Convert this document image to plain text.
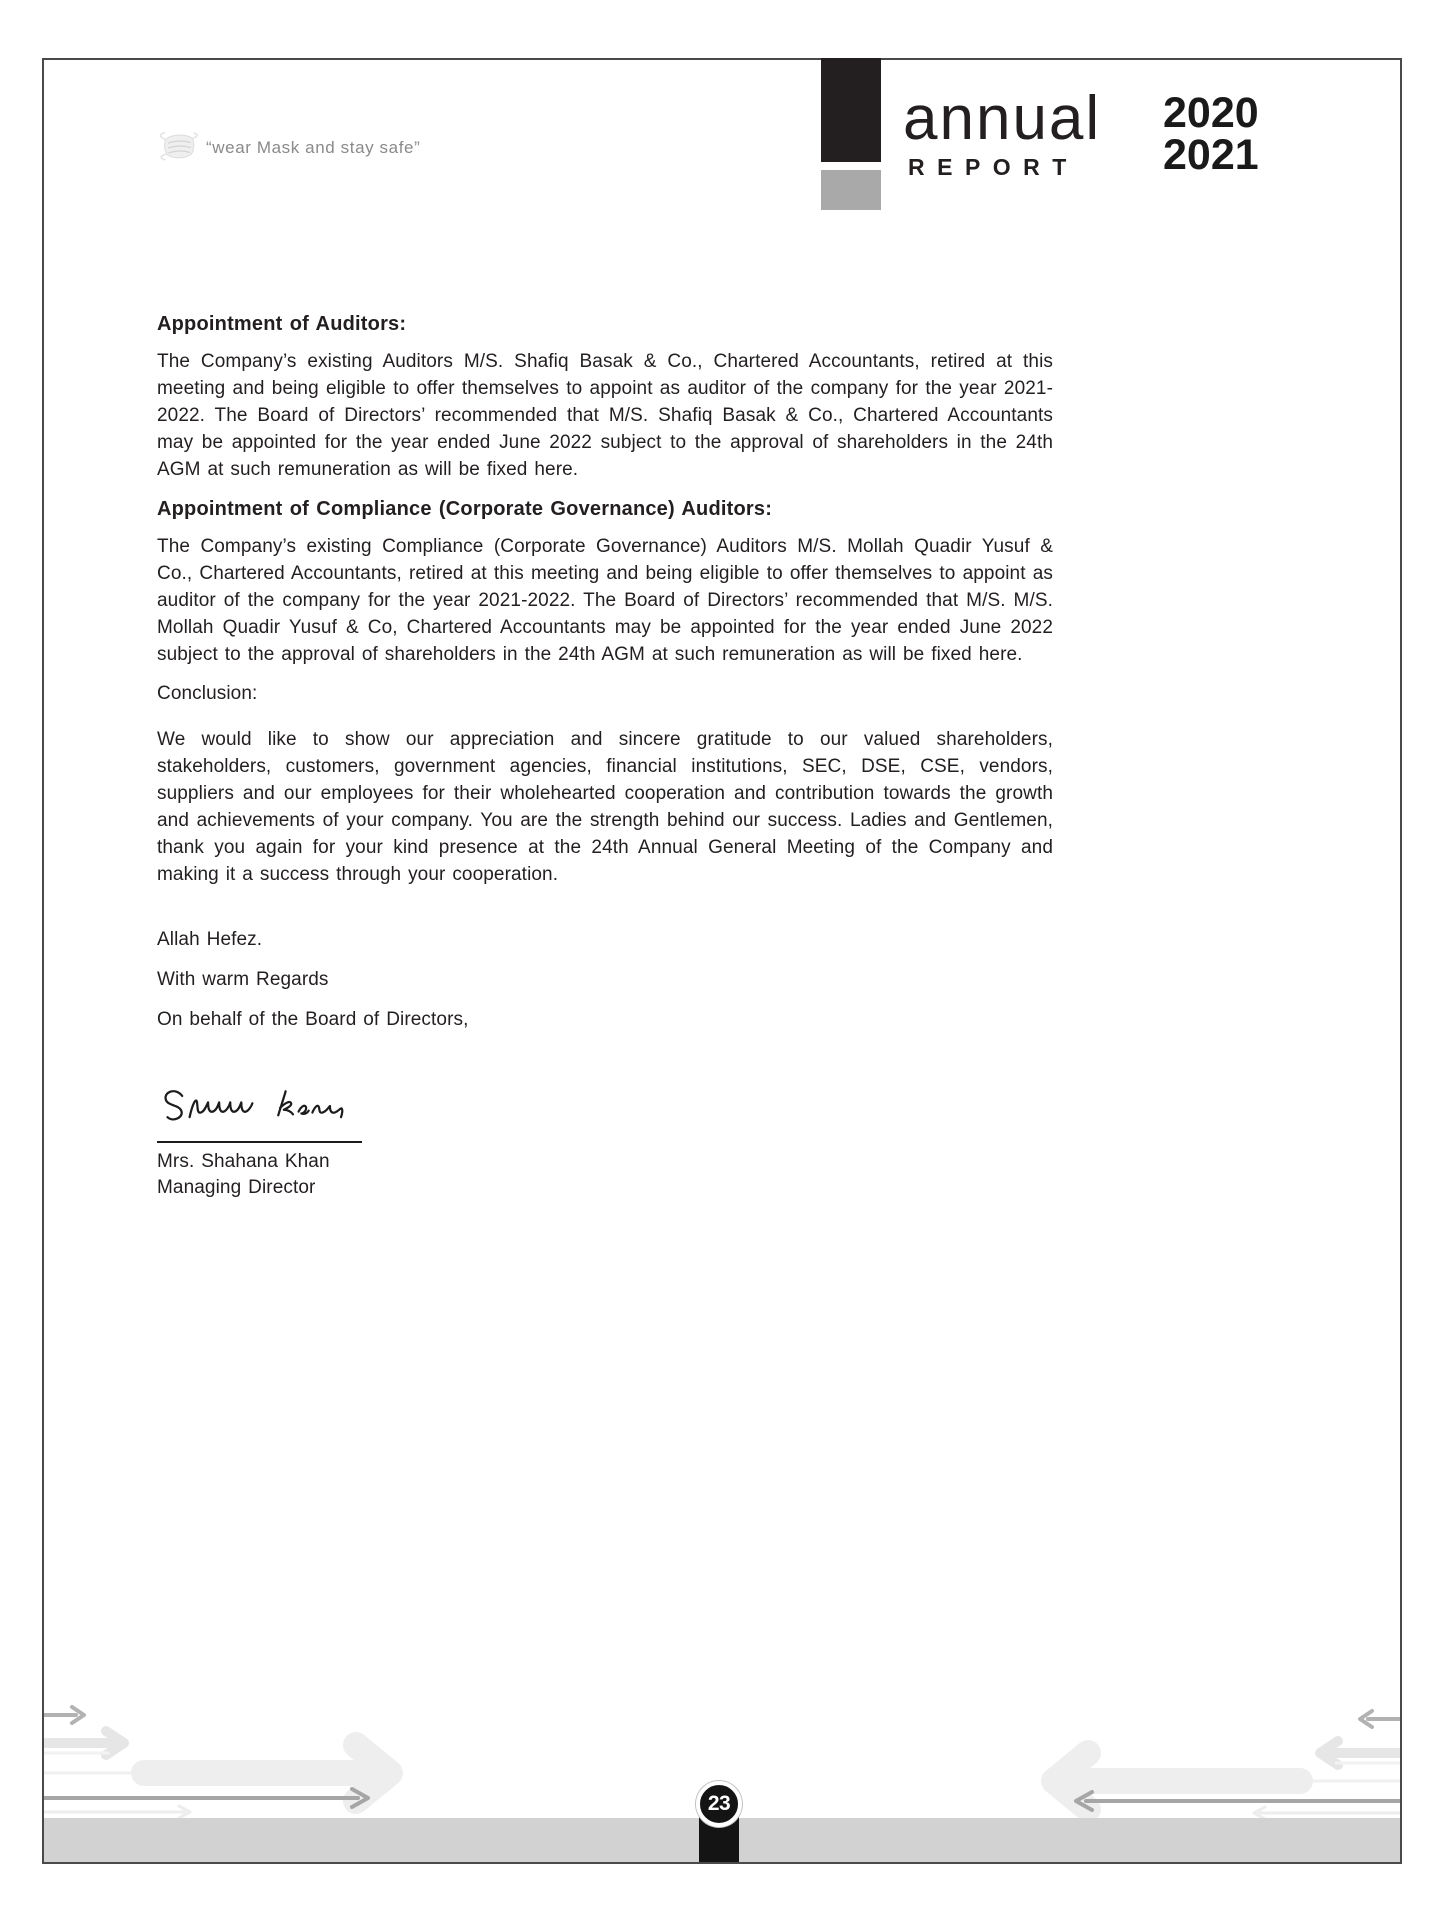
annual
REPORT
2020
2021
“wear Mask and stay safe”
Appointment of Auditors:

The Company’s existing Auditors M/S. Shafiq Basak & Co., Chartered Accountants, retired at this meeting and being eligible to offer themselves to appoint as auditor of the company for the year 2021-2022. The Board of Directors’ recommended that M/S. Shafiq Basak & Co., Chartered Accountants may be appointed for the year ended June 2022 subject to the approval of shareholders in the 24th AGM at such remuneration as will be fixed here.

Appointment of Compliance (Corporate Governance) Auditors:

The Company’s existing Compliance (Corporate Governance) Auditors M/S. Mollah Quadir Yusuf & Co., Chartered Accountants, retired at this meeting and being eligible to offer themselves to appoint as auditor of the company for the year 2021-2022. The Board of Directors’ recommended that M/S. M/S. Mollah Quadir Yusuf & Co, Chartered Accountants may be appointed for the year ended June 2022 subject to the approval of shareholders in the 24th AGM at such remuneration as will be fixed here.

Conclusion:

We would like to show our appreciation and sincere gratitude to our valued shareholders, stakeholders, customers, government agencies, financial institutions, SEC, DSE, CSE, vendors, suppliers and our employees for their wholehearted cooperation and contribution towards the growth and achievements of your company. You are the strength behind our success. Ladies and Gentlemen, thank you again for your kind presence at the 24th Annual General Meeting of the Company and making it a success through your cooperation.

Allah Hefez.
With warm Regards
On behalf of the Board of Directors,
Mrs. Shahana Khan
Managing Director
23
